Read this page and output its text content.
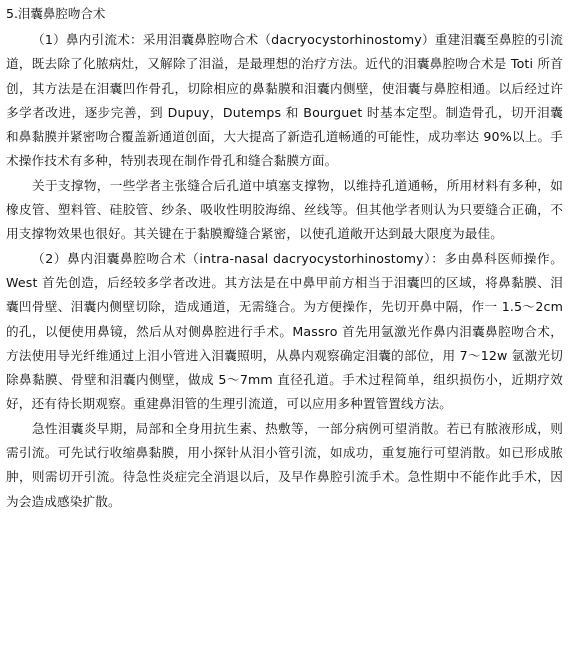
5.泪囊鼻腔吻合术

（1）鼻内引流术：采用泪囊鼻腔吻合术（dacryocystorhinostomy）重建泪囊至鼻腔的引流道，既去除了化脓病灶，又解除了泪溢，是最理想的治疗方法。近代的泪囊鼻腔吻合术是 Toti 所首创，其方法是在泪囊凹作骨孔，切除相应的鼻黏膜和泪囊内侧壁，使泪囊与鼻腔相通。以后经过许多学者改进，逐步完善，到 Dupuy，Dutemps 和 Bourguet 时基本定型。制造骨孔，切开泪囊和鼻黏膜并紧密吻合覆盖新通道创面，大大提高了新造孔道畅通的可能性，成功率达 90%以上。手术操作技术有多种，特别表现在制作骨孔和缝合黏膜方面。

关于支撑物，一些学者主张缝合后孔道中填塞支撑物，以维持孔道通畅，所用材料有多种，如橡皮管、塑料管、硅胶管、纱条、吸收性明胶海绵、丝线等。但其他学者则认为只要缝合正确，不用支撑物效果也很好。其关键在于黏膜瓣缝合紧密，以使孔道敞开达到最大限度为最佳。

（2）鼻内泪囊鼻腔吻合术（intra-nasal dacryocystorhinostomy）：多由鼻科医师操作。West 首先创造，后经较多学者改进。其方法是在中鼻甲前方相当于泪囊凹的区域，将鼻黏膜、泪囊凹骨壁、泪囊内侧壁切除，造成通道，无需缝合。为方便操作，先切开鼻中隔，作一 1.5～2cm 的孔，以便使用鼻镜，然后从对侧鼻腔进行手术。Massro 首先用氩激光作鼻内泪囊鼻腔吻合术，方法使用导光纤维通过上泪小管进入泪囊照明，从鼻内观察确定泪囊的部位，用 7～12w 氩激光切除鼻黏膜、骨壁和泪囊内侧壁，做成 5～7mm 直径孔道。手术过程简单，组织损伤小，近期疗效好，还有待长期观察。重建鼻泪管的生理引流道，可以应用多种置管置线方法。

急性泪囊炎早期，局部和全身用抗生素、热敷等，一部分病例可望消散。若已有脓液形成，则需引流。可先试行收缩鼻黏膜，用小探针从泪小管引流，如成功，重复施行可望消散。如已形成脓肿，则需切开引流。待急性炎症完全消退以后，及早作鼻腔引流手术。急性期中不能作此手术，因为会造成感染扩散。
